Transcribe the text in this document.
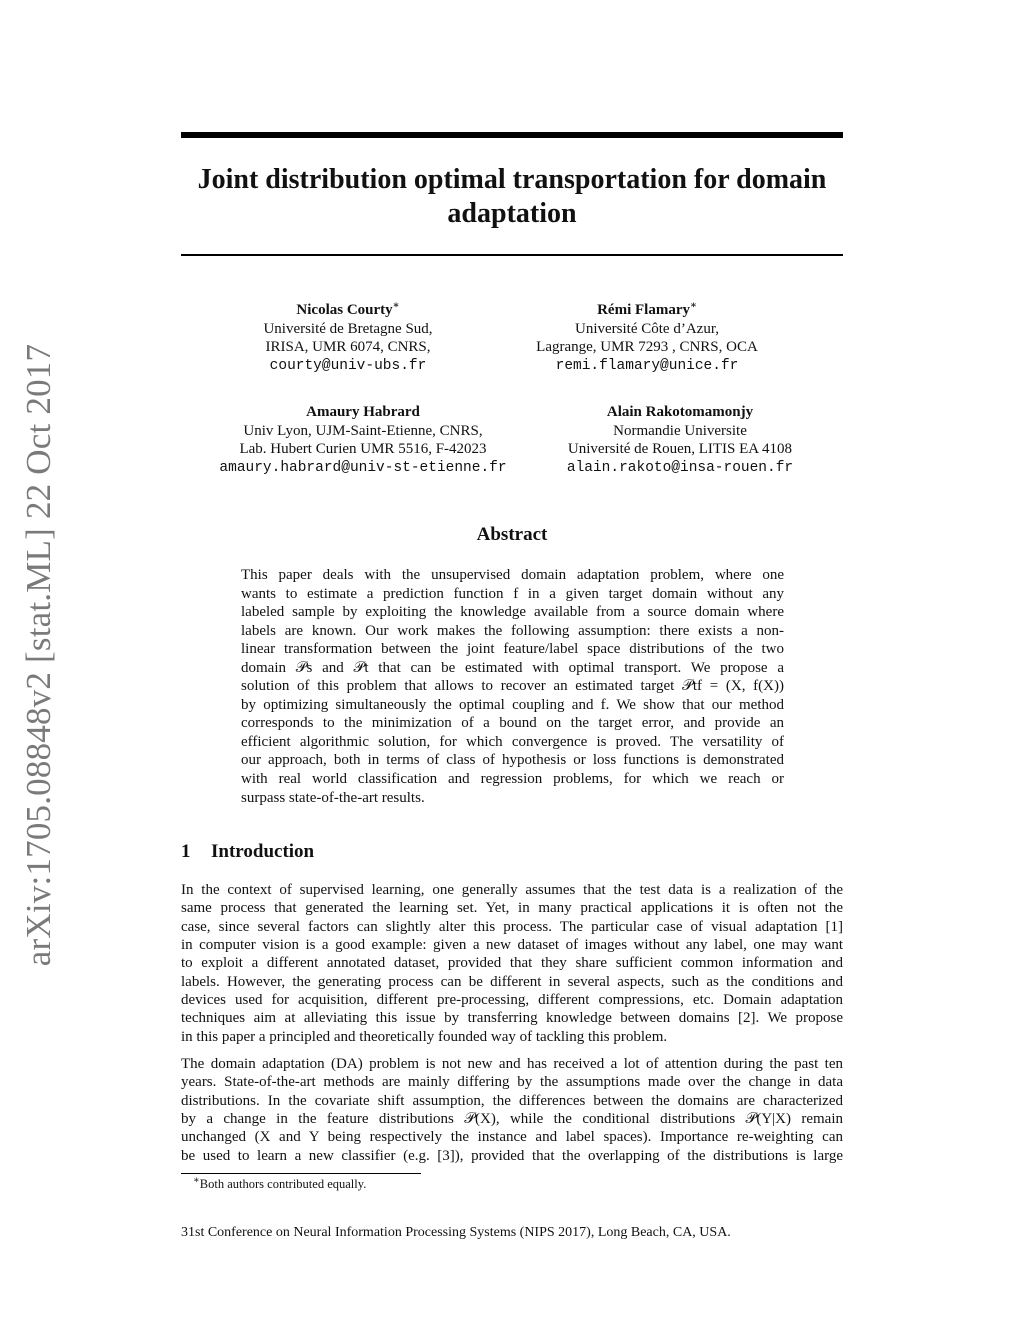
arXiv:1705.08848v2 [stat.ML] 22 Oct 2017
Joint distribution optimal transportation for domain
adaptation
Nicolas Courty∗
Université de Bretagne Sud,
IRISA, UMR 6074, CNRS,
courty@univ-ubs.fr
Rémi Flamary∗
Université Côte d’Azur,
Lagrange, UMR 7293 , CNRS, OCA
remi.flamary@unice.fr
Amaury Habrard
Univ Lyon, UJM-Saint-Etienne, CNRS,
Lab. Hubert Curien UMR 5516, F-42023
amaury.habrard@univ-st-etienne.fr
Alain Rakotomamonjy
Normandie Universite
Université de Rouen, LITIS EA 4108
alain.rakoto@insa-rouen.fr
Abstract
This paper deals with the unsupervised domain adaptation problem, where one
wants to estimate a prediction function f in a given target domain without any
labeled sample by exploiting the knowledge available from a source domain where
labels are known. Our work makes the following assumption: there exists a non-
linear transformation between the joint feature/label space distributions of the two
domain 𝒫s and 𝒫t that can be estimated with optimal transport. We propose a
solution of this problem that allows to recover an estimated target 𝒫tf = (X, f(X))
by optimizing simultaneously the optimal coupling and f. We show that our method
corresponds to the minimization of a bound on the target error, and provide an
efficient algorithmic solution, for which convergence is proved. The versatility of
our approach, both in terms of class of hypothesis or loss functions is demonstrated
with real world classification and regression problems, for which we reach or
surpass state-of-the-art results.
1 Introduction
In the context of supervised learning, one generally assumes that the test data is a realization of the
same process that generated the learning set. Yet, in many practical applications it is often not the
case, since several factors can slightly alter this process. The particular case of visual adaptation [1]
in computer vision is a good example: given a new dataset of images without any label, one may want
to exploit a different annotated dataset, provided that they share sufficient common information and
labels. However, the generating process can be different in several aspects, such as the conditions and
devices used for acquisition, different pre-processing, different compressions, etc. Domain adaptation
techniques aim at alleviating this issue by transferring knowledge between domains [2]. We propose
in this paper a principled and theoretically founded way of tackling this problem.
The domain adaptation (DA) problem is not new and has received a lot of attention during the past ten
years. State-of-the-art methods are mainly differing by the assumptions made over the change in data
distributions. In the covariate shift assumption, the differences between the domains are characterized
by a change in the feature distributions 𝒫(X), while the conditional distributions 𝒫(Y|X) remain
unchanged (X and Y being respectively the instance and label spaces). Importance re-weighting can
be used to learn a new classifier (e.g. [3]), provided that the overlapping of the distributions is large
∗Both authors contributed equally.
31st Conference on Neural Information Processing Systems (NIPS 2017), Long Beach, CA, USA.
